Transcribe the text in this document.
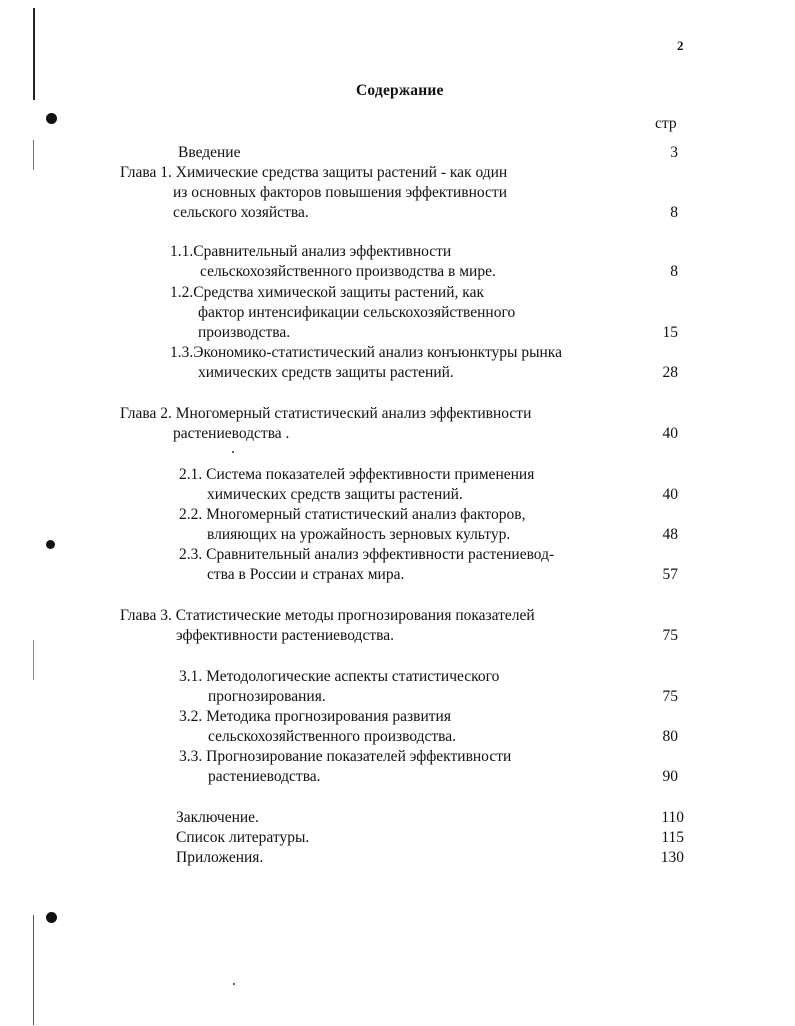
2
Содержание
стр
Введение	3
Глава 1. Химические средства защиты растений - как один
из основных факторов повышения эффективности
сельского хозяйства.	8
1.1.Сравнительный анализ эффективности
сельскохозяйственного производства в мире.	8
1.2.Средства химической защиты растений, как
фактор интенсификации сельскохозяйственного
производства.	15
1.3.Экономико-статистический анализ конъюнктуры рынка
химических средств защиты растений.	28
Глава 2. Многомерный статистический анализ эффективности
растениеводства .	40
2.1. Система показателей эффективности применения
химических средств защиты растений.	40
2.2. Многомерный статистический анализ факторов,
влияющих на урожайность зерновых культур.	48
2.3. Сравнительный анализ эффективности растениевод-
ства в России и странах мира.	57
Глава 3. Статистические методы прогнозирования показателей
эффективности растениеводства.	75
3.1. Методологические аспекты статистического
прогнозирования.	75
3.2. Методика прогнозирования развития
сельскохозяйственного производства.	80
3.3. Прогнозирование показателей эффективности
растениеводства.	90
Заключение.	110
Список литературы.	115
Приложения.	130
